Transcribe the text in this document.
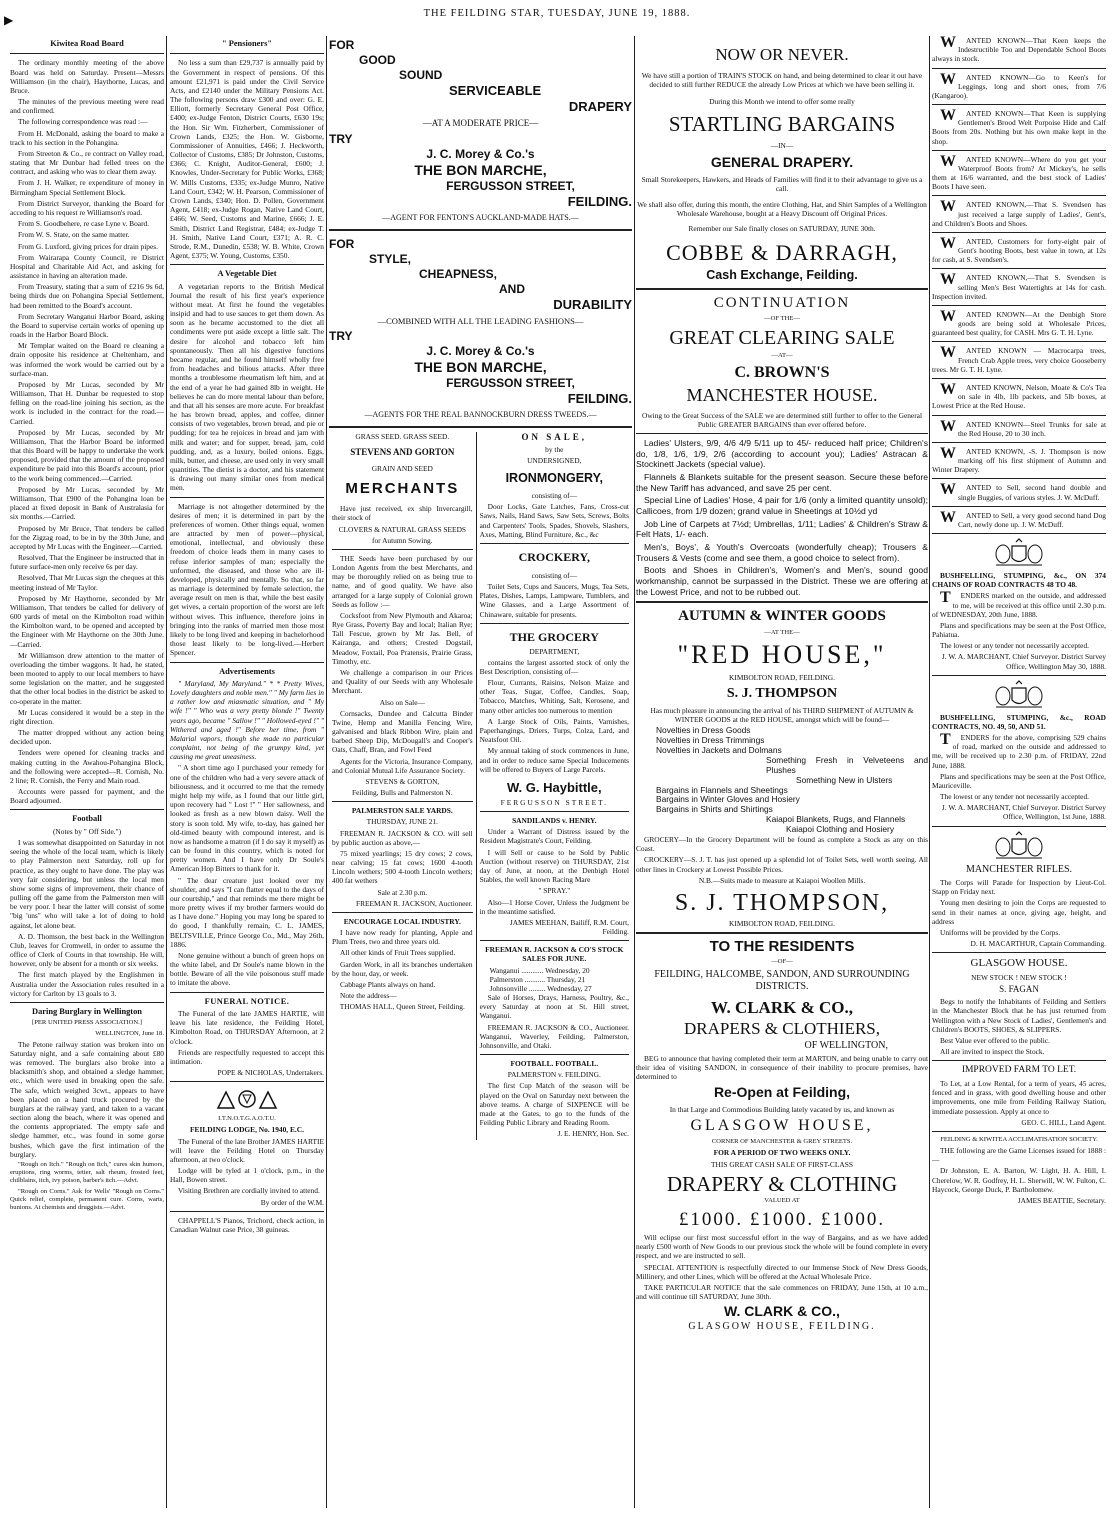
▶	THE FEILDING STAR, TUESDAY, JUNE 19, 1888.
Kiwitea Road Board

The ordinary monthly meeting of the above Board was held on Saturday. Present—Messrs Williamson (in the chair), Haythorne, Lucas, and Bruce.

The minutes of the previous meeting were read and confirmed.

The following correspondence was read :—

From H. McDonald, asking the board to make a track to his section in the Pohangina.

From Streeton & Co., re contract on Valley road, stating that Mr Dunbar had felled trees on the contract, and asking who was to clear them away.

From J. H. Walker, re expenditure of money in Birmingham Special Settlement Block.

From District Surveyor, thanking the Board for acceding to his request re Williamson's road.

From S. Goodbehere, re case Lyne v. Board.

From W. S. State, on the same matter.

From G. Luxford, giving prices for drain pipes.

From Wairarapa County Council, re District Hospital and Charitable Aid Act, and asking for assistance in having an alteration made.

From Treasury, stating that a sum of £216 9s 6d, being thirds due on Pohangina Special Settlement, had been remitted to the Board's account.

From Secretary Wanganui Harbor Board, asking the Board to supervise certain works of opening up roads in the Harbor Board Block.

Mr Templar waited on the Board re cleaning a drain opposite his residence at Cheltenham, and was informed the work would be carried out by a surface-man.

Proposed by Mr Lucas, seconded by Mr Williamson, That H. Dunbar be requested to stop felling on the road-line joining his section, as the work is included in the contract for the road.—Carried.

Proposed by Mr Lucas, seconded by Mr Williamson, That the Harbor Board be informed that this Board will be happy to undertake the work proposed, provided that the amount of the proposed expenditure be paid into this Board's account, prior to the work being commenced.—Carried.

Proposed by Mr Lucas, seconded by Mr Williamson, That £900 of the Pohangina loan be placed at fixed deposit in Bank of Australasia for six months.—Carried.

Proposed by Mr Bruce, That tenders be called for the Zigzag road, to be in by the 30th June, and accepted by Mr Lucas with the Engineer.—Carried.

Resolved, That the Engineer be instructed that in future surface-men only receive 6s per day.

Resolved, That Mr Lucas sign the cheques at this meeting instead of Mr Taylor.

Proposed by Mr Haythorne, seconded by Mr Williamson, That tenders be called for delivery of 600 yards of metal on the Kimbolton road within the Kimbolton ward, to be opened and accepted by the Engineer with Mr Haythorne on the 30th June.—Carried.

Mr Williamson drew attention to the matter of overloading the timber waggons. It had, he stated, been mooted to apply to our local members to have some legislation on the matter, and he suggested that the other local bodies in the district be asked to co-operate in the matter.

Mr Lucas considered it would be a step in the right direction.

The matter dropped without any action being decided upon.

Tenders were opened for cleaning tracks and making cutting in the Awahou-Pohangina Block, and the following were accepted—R. Cornish, No. 2 line; R. Cornish, the Ferry and Main road.

Accounts were passed for payment, and the Board adjourned.

Football

(Notes by " Off Side.")

I was somewhat disappointed on Saturday in not seeing the whole of the local team, which is likely to play Palmerston next Saturday, roll up for practice, as they ought to have done. The play was very fair considering, but unless the local men show some signs of improvement, their chance of pulling off the game from the Palmerston men will be very poor. I hear the latter will consist of some "big 'uns" who will take a lot of doing to hold against, let alone beat.

A. D. Thomson, the best back in the Wellington Club, leaves for Cromwell, in order to assume the office of Clerk of Courts in that township. He will, however, only be absent for a month or six weeks.

The first match played by the Englishmen in Australia under the Association rules resulted in a victory for Carlton by 13 goals to 3.

Daring Burglary in Wellington

[PER UNITED PRESS ASSOCIATION.]

WELLINGTON, June 18.

The Petone railway station was broken into on Saturday night, and a safe containing about £80 was removed. The burglars also broke into a blacksmith's shop, and obtained a sledge hammer, etc., which were used in breaking open the safe. The safe, which weighed 3cwt., appears to have been placed on a hand truck procured by the burglars at the railway yard, and taken to a vacant section along the beach, where it was opened and the contents appropriated. The empty safe and sledge hammer, etc., was found in some gorse bushes, which gave the first intimation of the burglary.

"Rough on Itch." "Rough on Itch," cures skin humors, eruptions, ring worms, tetter, salt rheum, frosted feet, chilblains, itch, ivy poison, barber's itch.—Advt.

"Rough on Corns." Ask for Wells' "Rough on Corns." Quick relief, complete, permanent cure. Corns, warts, bunions. At chemists and druggists.—Advt.

" Pensioners"

No less a sum than £29,737 is annually paid by the Government in respect of pensions. Of this amount £21,971 is paid under the Civil Service Acts, and £2140 under the Military Pensions Act. The following persons draw £300 and over: G. E. Elliott, formerly Secretary General Post Office, £400; ex-Judge Fenton, District Courts, £630 19s; the Hon. Sir Wm. Fitzherbert, Commissioner of Crown Lands, £325; the Hon. W. Gisborne, Commissioner of Annuities, £466; J. Heckworth, Collector of Customs, £385; Dr Johnston, Customs, £366; C. Knight, Auditor-General, £600; J. Knowles, Under-Secretary for Public Works, £368; W. Mills Customs, £335; ex-Judge Munro, Native Land Court, £342; W. H. Pearson, Commissioner of Crown Lands, £340; Hon. D. Pollen, Government Agent, £418; ex-Judge Rogan, Native Land Court, £466; W. Seed, Customs and Marine, £666; J. E. Smith, District Land Registrar, £484; ex-Judge T. H. Smith, Native Land Court, £371; A. R. C. Strode, R.M., Dunedin, £538; W. B. White, Crown Agent, £375; W. Young, Customs, £350.

A Vegetable Diet

A vegetarian reports to the British Medical Journal the result of his first year's experience without meat. At first he found the vegetables insipid and had to use sauces to get them down. As soon as he became accustomed to the diet all condiments were put aside except a little salt. The desire for alcohol and tobacco left him spontaneously. Then all his digestive functions became regular, and he found himself wholly free from headaches and bilious attacks. After three months a troublesome rheumatism left him, and at the end of a year he had gained 8lb in weight. He believes he can do more mental labour than before, and that all his senses are more acute. For breakfast he has brown bread, apples, and coffee, dinner consists of two vegetables, brown bread, and pie or pudding; for tea he rejoices in bread and jam with milk and water; and for supper, bread, jam, cold pudding, and, as a luxury, boiled onions. Eggs, milk, butter, and cheese, are used only in very small quantities. The dietist is a doctor, and his statement is drawing out many similar ones from medical men.

Marriage is not altogether determined by the desires of men; it is determined in part by the preferences of women. Other things equal, women are attracted by men of power—physical, emotional, intellectual, and obviously these freedom of choice leads them in many cases to refuse inferior samples of man; especially the unformed, the diseased, and those who are ill-developed, physically and mentally. So that, so far as marriage is determined by female selection, the average result on men is that, while the best easily get wives, a certain proportion of the worst are left without wives. This influence, therefore joins in bringing into the ranks of married men those most likely to be long lived and keeping in bachelorhood those least likely to be long-lived.—Herbert Spencer.

Advertisements

" Maryland, My Maryland." * * Pretty Wives, Lovely daughters and noble men." " My farm lies in a rather low and miasmatic situation, and " My wife !" " Who was a very pretty blonde !" Twenty years ago, became " Sallow !" " Hollowed-eyed !" " Withered and aged !" Before her time, from " Malarial vapors, though she made no particular complaint, not being of the grumpy kind, yet causing me great uneasiness.

" A short time ago I purchased your remedy for one of the children who had a very severe attack of biliousness, and it occurred to me that the remedy might help my wife, as I found that our little girl, upon recovery had " Lost !" " Her sallowness, and looked as fresh as a new blown daisy. Well the story is soon told. My wife, to-day, has gained her old-timed beauty with compound interest, and is now as handsome a matron (if I do say it myself) as can be found in this country, which is noted for pretty women. And I have only Dr Soule's American Hop Bitters to thank for it.

" The dear creature just looked over my shoulder, and says "I can flatter equal to the days of our courtship," and that reminds me there might be more pretty wives if my brother farmers would do as I have done." Hoping you may long be spared to do good, I thankfully remain, C. L. JAMES, BELTSVILLE, Prince George Co., Md., May 26th, 1886.

None genuine without a bunch of green hops on the white label, and Dr Soule's name blown in the bottle. Beware of all the vile poisonous stuff made to imitate the above.

FUNERAL NOTICE.

The Funeral of the late JAMES HARTIE, will leave his late residence, the Feilding Hotel, Kimbolton Road, on THURSDAY Afternoon, at 2 o'clock.

Friends are respectfully requested to accept this intimation.

POPE & NICHOLAS, Undertakers.

I.T.N.O.T.G.A.O.T.U.

FEILDING LODGE, No. 1940, E.C.

The Funeral of the late Brother JAMES HARTIE will leave the Feilding Hotel on Thursday afternoon, at two o'clock.

Lodge will be tyled at 1 o'clock, p.m., in the Hall, Bowen street.

Visiting Brethren are cordially invited to attend.

By order of the W.M.

CHAPPELL'S Pianos, Trichord, check action, in Canadian Walnut case Price, 38 guineas.

FOR
GOOD
SOUND
SERVICEABLE
DRAPERY
—AT A MODERATE PRICE—
TRY
J. C. Morey & Co.'s
THE BON MARCHE,
FERGUSSON STREET,
FEILDING.
—AGENT FOR FENTON'S AUCKLAND-MADE HATS.—
FOR
STYLE,
CHEAPNESS,
AND
DURABILITY
—COMBINED WITH ALL THE LEADING FASHIONS—
TRY
J. C. Morey & Co.'s
THE BON MARCHE,
FERGUSSON STREET,
FEILDING.
—AGENTS FOR THE REAL BANNOCKBURN DRESS TWEEDS.—

GRASS SEED. GRASS SEED.

STEVENS AND GORTON

GRAIN AND SEED

MERCHANTS

Have just received, ex ship Invercargill, their stock of

CLOVERS & NATURAL GRASS SEEDS

for Autumn Sowing.

THE Seeds have been purchased by our London Agents from the best Merchants, and may be thoroughly relied on as being true to name, and of good quality. We have also arranged for a large supply of Colonial grown Seeds as follow :—

Cocksfoot from New Plymouth and Akaroa; Rye Grass, Poverty Bay and local; Italian Rye; Tall Fescue, grown by Mr Jas. Bell, of Kairanga, and others; Crested Dogstail, Meadow, Foxtail, Poa Pratensis, Prairie Grass, Timothy, etc.

We challenge a comparison in our Prices and Quality of our Seeds with any Wholesale Merchant.

Also on Sale—

Cornsacks, Dundee and Calcutta Binder Twine, Hemp and Manilla Fencing Wire, galvanised and black Ribbon Wire, plain and barbed Sheep Dip, McDougall's and Cooper's Oats, Chaff, Bran, and Fowl Feed

Agents for the Victoria, Insurance Company, and Colonial Mutual Life Assurance Society.

STEVENS & GORTON,

Feilding, Bulls and Palmerston N.

PALMERSTON SALE YARDS.

THURSDAY, JUNE 21.

FREEMAN R. JACKSON & CO. will sell by public auction as above,—

75 mixed yearlings; 15 dry cows; 2 cows, near calving; 15 fat cows; 1600 4-tooth Lincoln wethers; 500 4-tooth Lincoln wethers; 400 fat wethers

Sale at 2.30 p.m.

FREEMAN R. JACKSON, Auctioneer.

ENCOURAGE LOCAL INDUSTRY.

I have now ready for planting, Apple and Plum Trees, two and three years old.

All other kinds of Fruit Trees supplied.

Garden Work, in all its branches undertaken by the hour, day, or week.

Cabbage Plants always on hand.

Note the address—

THOMAS HALL, Queen Street, Feilding.

ON SALE,

by the

UNDERSIGNED,

IRONMONGERY,

consisting of—

Door Locks, Gate Latches, Fans, Cross-cut Saws, Nails, Hand Saws, Saw Sets, Screws, Bolts and Carpenters' Tools, Spades, Shovels, Slashers, Axes, Matting, Blind Furniture, &c., &c

CROCKERY,

consisting of—

Toilet Sets, Cups and Saucers, Mugs, Tea Sets, Plates, Dishes, Lamps, Lampware, Tumblers, and Wine Glasses, and a Large Assortment of Chinaware, suitable for presents.

THE GROCERY

DEPARTMENT,

contains the largest assorted stock of only the Best Description, consisting of—

Flour, Currants, Raisins, Nelson Maize and other Teas, Sugar, Coffee, Candles, Soap, Tobacco, Matches, Whiting, Salt, Kerosene, and many other articles too numerous to mention

A Large Stock of Oils, Paints, Varnishes, Paperhangings, Driers, Turps, Colza, Lard, and Neatsfoot Oil.

My annual taking of stock commences in June, and in order to reduce same Special Inducements will be offered to Buyers of Large Parcels.

W. G. Haybittle,

FERGUSSON STREET.

SANDILANDS v. HENRY.

Under a Warrant of Distress issued by the Resident Magistrate's Court, Feilding.

I will Sell or cause to be Sold by Public Auction (without reserve) on THURSDAY, 21st day of June, at noon, at the Denbigh Hotel Stables, the well known Racing Mare

" SPRAY."

Also—1 Horse Cover, Unless the Judgment be in the meantime satisfied.

JAMES MEEHAN, Bailiff, R.M. Court, Feilding.

FREEMAN R. JACKSON & CO'S STOCK SALES FOR JUNE.

Wanganui ............ Wednesday, 20

Palmerston ........... Thursday, 21

Johnsonville ......... Wednesday, 27

Sale of Horses, Drays, Harness, Poultry, &c., every Saturday at noon at St. Hill street, Wanganui.

FREEMAN R. JACKSON & CO., Auctioneer. Wanganui, Waverley, Feilding, Palmerston, Johnsonville, and Otaki.

FOOTBALL. FOOTBALL.

PALMERSTON v. FEILDING.

The first Cup Match of the season will be played on the Oval on Saturday next between the above teams. A charge of SIXPENCE will be made at the Gates, to go to the funds of the Feilding Public Library and Reading Room.

J. E. HENRY, Hon. Sec.

NOW OR NEVER.

We have still a portion of TRAIN'S STOCK on hand, and being determined to clear it out have decided to still further REDUCE the already Low Prices at which we have been selling it.

During this Month we intend to offer some really

STARTLING BARGAINS

—IN—

GENERAL DRAPERY.

Small Storekeepers, Hawkers, and Heads of Families will find it to their advantage to give us a call.

We shall also offer, during this month, the entire Clothing, Hat, and Shirt Samples of a Wellington Wholesale Warehouse, bought at a Heavy Discount off Original Prices.

Remember our Sale finally closes on SATURDAY, JUNE 30th.

COBBE & DARRAGH,

Cash Exchange, Feilding.

CONTINUATION

—OF THE—

GREAT CLEARING SALE

—AT—

C. BROWN'S

MANCHESTER HOUSE.

Owing to the Great Success of the SALE we are determined still further to offer to the General Public GREATER BARGAINS than ever offered before.

Ladies' Ulsters, 9/9, 4/6 4/9 5/11 up to 45/- reduced half price; Children's do, 1/8, 1/6, 1/9, 2/6 (according to account you); Ladies' Astracan & Stockinett Jackets (special value).

Flannels & Blankets suitable for the present season. Secure these before the New Tariff has advanced, and save 25 per cent.

Special Line of Ladies' Hose, 4 pair for 1/6 (only a limited quantity unsold); Callicoes, from 1/9 dozen; grand value in Sheetings at 10½d yd

Job Line of Carpets at 7½d; Umbrellas, 1/11; Ladies' & Children's Straw & Felt Hats, 1/- each.

Men's, Boys', & Youth's Overcoats (wonderfully cheap); Trousers & Trousers & Vests (come and see them, a good choice to select from).

Boots and Shoes in Children's, Women's and Men's, sound good workmanship, cannot be surpassed in the District. These we are offering at the Lowest Price, and not to be rubbed out.

AUTUMN & WINTER GOODS

—AT THE—

"RED HOUSE,"

KIMBOLTON ROAD, FEILDING.

S. J. THOMPSON

Has much pleasure in announcing the arrival of his THIRD SHIPMENT of AUTUMN & WINTER GOODS at the RED HOUSE, amongst which will be found—

Novelties in Dress Goods
Novelties in Dress Trimmings
Novelties in Jackets and Dolmans
Something Fresh in Velveteens and Plushes
Something New in Ulsters
Bargains in Flannels and Sheetings
Bargains in Winter Gloves and Hosiery
Bargains in Shirts and Shirtings
Kaiapoi Blankets, Rugs, and Flannels
Kaiapoi Clothing and Hosiery

GROCERY—In the Grocery Department will be found as complete a Stock as any on this Coast.

CROCKERY—S. J. T. has just opened up a splendid lot of Toilet Sets, well worth seeing. All other lines in Crockery at Lowest Possible Prices.

N.B.—Suits made to measure at Kaiapoi Woollen Mills.

S. J. THOMPSON,

KIMBOLTON ROAD, FEILDING.

TO THE RESIDENTS

—OF—

FEILDING, HALCOMBE, SANDON, AND SURROUNDING DISTRICTS.

W. CLARK & CO.,

DRAPERS & CLOTHIERS,

OF WELLINGTON,

BEG to announce that having completed their term at MARTON, and being unable to carry out their idea of visiting SANDON, in consequence of their inability to procure premises, have determined to

Re-Open at Feilding,

In that Large and Commodious Building lately vacated by us, and known as

GLASGOW HOUSE,

CORNER OF MANCHESTER & GREY STREETS.

FOR A PERIOD OF TWO WEEKS ONLY.

THIS GREAT CASH SALE OF FIRST-CLASS

DRAPERY & CLOTHING

VALUED AT

£1000. £1000. £1000.

Will eclipse our first most successful effort in the way of Bargains, and as we have added nearly £500 worth of New Goods to our previous stock the whole will be found complete in every respect, and we are instructed to sell.

SPECIAL ATTENTION is respectfully directed to our Immense Stock of New Dress Goods, Millinery, and other Lines, which will be offered at the Actual Wholesale Price.

TAKE PARTICULAR NOTICE that the sale commences on FRIDAY, June 15th, at 10 a.m., and will continue till SATURDAY, June 30th.

W. CLARK & CO.,

GLASGOW HOUSE, FEILDING.

WANTED KNOWN—That Keen keeps the Indestructible Too and Dependable School Boots always in stock.

WANTED KNOWN—Go to Keen's for Leggings, long and short ones, from 7/6 (Kangaroo).

WANTED KNOWN—That Keen is supplying Gentlemen's Brood Welt Porpoise Hide and Calf Boots from 20s. Nothing but his own make kept in the shop.

WANTED KNOWN—Where do you get your Waterproof Boots from? At Mickey's, he sells them at 16/6 warranted, and the best stock of Ladies' Boots I have seen.

WANTED KNOWN,—That S. Svendsen has just received a large supply of Ladies', Gent's, and Children's Boots and Shoes.

WANTED, Customers for forty-eight pair of Gent's hooting Boots, best value in town, at 12s for cash, at S. Svendsen's.

WANTED KNOWN,—That S. Svendsen is selling Men's Best Watertights at 14s for cash. Inspection invited.

WANTED KNOWN—At the Denbigh Store goods are being sold at Wholesale Prices, guaranteed best quality, for CASH. Mrs G. T. H. Lyne.

WANTED KNOWN — Macrocarpa trees, French Crab Apple trees, very choice Gooseberry trees. Mr G. T. H. Lyne.

WANTED KNOWN, Nelson, Moate & Co's Tea on sale in 4lb, 1lb packets, and 5lb boxes, at Lowest Price at the Red House.

WANTED KNOWN—Steel Trunks for sale at the Red House, 20 to 30 inch.

WANTED KNOWN, -S. J. Thompson is now marking off his first shipment of Autumn and Winter Drapery.

WANTED to Sell, second hand double and single Buggies, of various styles. J. W. McDuff.

WANTED to Sell, a very good second hand Dog Cart, newly done up. J. W. McDuff.

BUSHFELLING, STUMPING, &c., ON 374 CHAINS OF ROAD CONTRACTS 48 TO 48.

TENDERS marked on the outside, and addressed to me, will be received at this office until 2.30 p.m. of WEDNESDAY, 20th June, 1888.

Plans and specifications may be seen at the Post Office, Pahiatua.

The lowest or any tender not necessarily accepted.

J. W. A. MARCHANT, Chief Surveyor. District Survey Office, Wellington May 30, 1888.

BUSHFELLING, STUMPING, &c., ROAD CONTRACTS, NO. 49, 50, AND 51.

TENDERS for the above, comprising 529 chains of road, marked on the outside and addressed to me, will be received up to 2.30 p.m. of FRIDAY, 22nd June, 1888.

Plans and specifications may be seen at the Post Office, Mauriceville.

The lowest or any tender not necessarily accepted.

J. W. A. MARCHANT, Chief Surveyor. District Survey Office, Wellington, 1st June, 1888.

MANCHESTER RIFLES.

The Corps will Parade for Inspection by Lieut-Col. Stapp on Friday next.

Young men desiring to join the Corps are requested to send in their names at once, giving age, height, and address

Uniforms will be provided by the Corps.

D. H. MACARTHUR, Captain Commanding.

GLASGOW HOUSE.

NEW STOCK ! NEW STOCK !

S. FAGAN

Begs to notify the Inhabitants of Feilding and Settlers in the Manchester Block that he has just returned from Wellington with a New Stock of Ladies', Gentlemen's and Children's BOOTS, SHOES, & SLIPPERS.

Best Value ever offered to the public.

All are invited to inspect the Stock.

IMPROVED FARM TO LET.

To Let, at a Low Rental, for a term of years, 45 acres, fenced and in grass, with good dwelling house and other improvements, one mile from Feilding Railway Station, immediate possession. Apply at once to

GEO. C. HILL, Land Agent.

FEILDING & KIWITEA ACCLIMATISATION SOCIETY.

THE following are the Game Licenses issued for 1888 :—

Dr Johnston, E. A. Barton, W. Light, H. A. Hill, I. Cherelow, W. R. Godfrey, H. L. Sherwill, W. W. Fulton, C. Haycock, George Duck, P. Bartholomew.

JAMES BEATTIE, Secretary.
